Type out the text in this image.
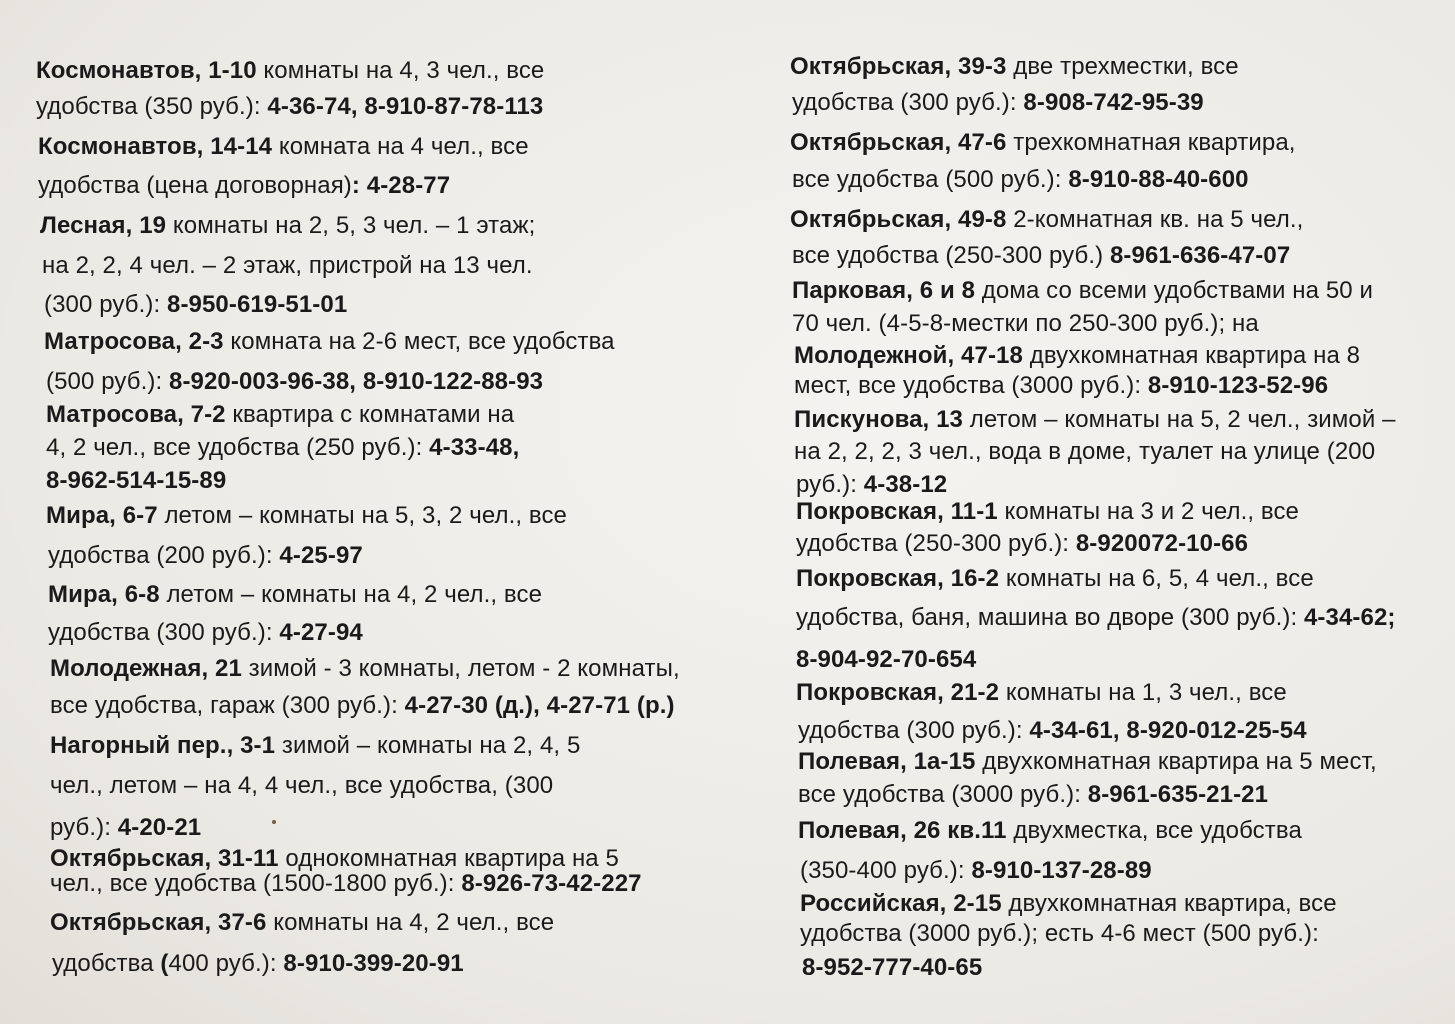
Космонавтов, 1-10 комнаты на 4, 3 чел., все
удобства (350 руб.): 4-36-74, 8-910-87-78-113
Космонавтов, 14-14 комната на 4 чел., все
удобства (цена договорная): 4-28-77
Лесная, 19 комнаты на 2, 5, 3 чел. – 1 этаж;
на 2, 2, 4 чел. – 2 этаж, пристрой на 13 чел.
(300 руб.): 8-950-619-51-01
Матросова, 2-3 комната на 2-6 мест, все удобства
(500 руб.): 8-920-003-96-38, 8-910-122-88-93
Матросова, 7-2 квартира с комнатами на
4, 2 чел., все удобства (250 руб.): 4-33-48,
8-962-514-15-89
Мира, 6-7 летом – комнаты на 5, 3, 2 чел., все
удобства (200 руб.): 4-25-97
Мира, 6-8 летом – комнаты на 4, 2 чел., все
удобства (300 руб.): 4-27-94
Молодежная, 21 зимой - 3 комнаты, летом - 2 комнаты,
все удобства, гараж (300 руб.): 4-27-30 (д.), 4-27-71 (р.)
Нагорный пер., 3-1 зимой – комнаты на 2, 4, 5
чел., летом – на 4, 4 чел., все удобства, (300
руб.): 4-20-21
Октябрьская, 31-11 однокомнатная квартира на 5
чел., все удобства (1500-1800 руб.): 8-926-73-42-227
Октябрьская, 37-6 комнаты на 4, 2 чел., все
удобства (400 руб.): 8-910-399-20-91
Октябрьская, 39-3 две трехместки, все
удобства (300 руб.): 8-908-742-95-39
Октябрьская, 47-6 трехкомнатная квартира,
все удобства (500 руб.): 8-910-88-40-600
Октябрьская, 49-8 2-комнатная кв. на 5 чел.,
все удобства (250-300 руб.) 8-961-636-47-07
Парковая, 6 и 8 дома со всеми удобствами на 50 и
70 чел. (4-5-8-местки по 250-300 руб.); на
Молодежной, 47-18 двухкомнатная квартира на 8
мест, все удобства (3000 руб.): 8-910-123-52-96
Пискунова, 13 летом – комнаты на 5, 2 чел., зимой –
на 2, 2, 2, 3 чел., вода в доме, туалет на улице (200
руб.): 4-38-12
Покровская, 11-1 комнаты на 3 и 2 чел., все
удобства (250-300 руб.): 8-920072-10-66
Покровская, 16-2 комнаты на 6, 5, 4 чел., все
удобства, баня, машина во дворе (300 руб.): 4-34-62;
8-904-92-70-654
Покровская, 21-2 комнаты на 1, 3 чел., все
удобства (300 руб.): 4-34-61, 8-920-012-25-54
Полевая, 1а-15 двухкомнатная квартира на 5 мест,
все удобства (3000 руб.): 8-961-635-21-21
Полевая, 26 кв.11 двухместка, все удобства
(350-400 руб.): 8-910-137-28-89
Российская, 2-15 двухкомнатная квартира, все
удобства (3000 руб.); есть 4-6 мест (500 руб.):
8-952-777-40-65
